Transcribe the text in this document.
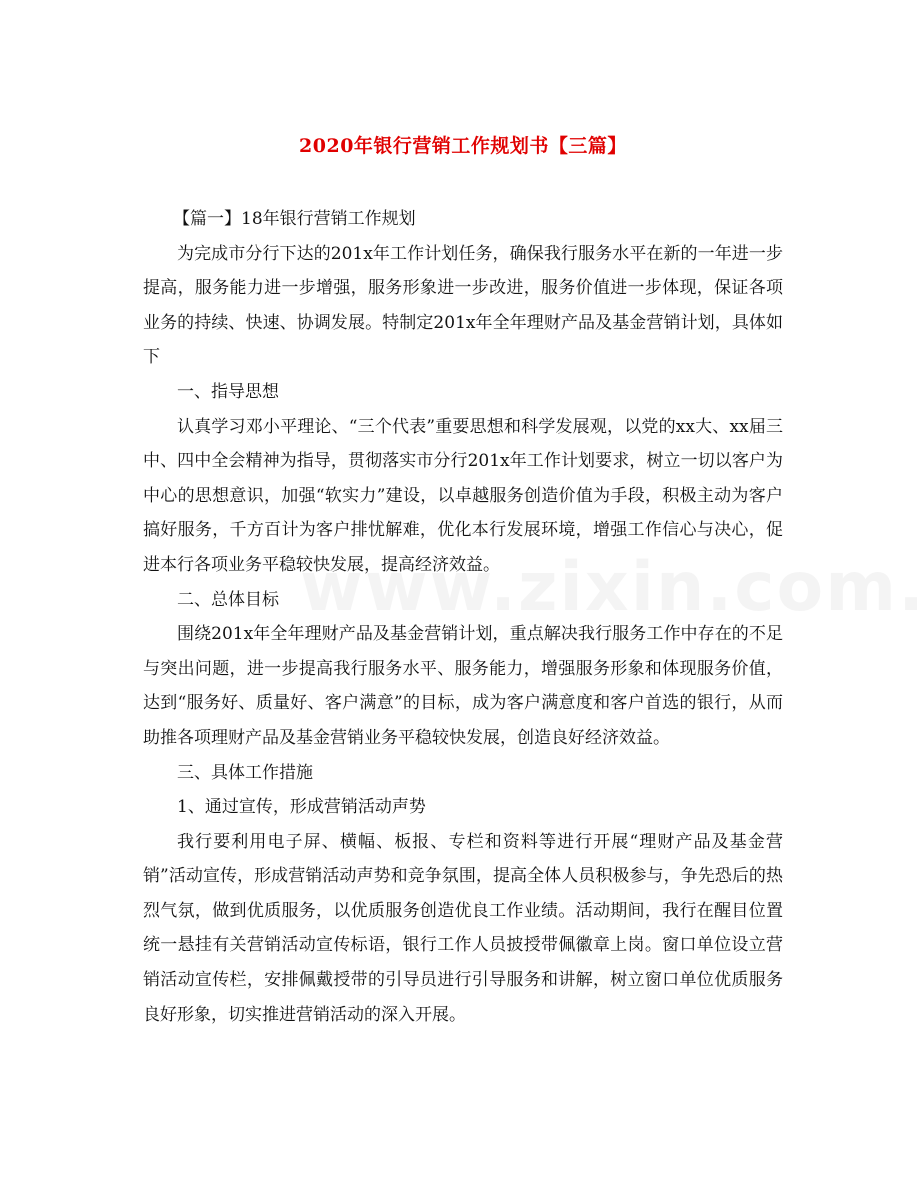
2020年银行营销工作规划书【三篇】

【篇一】18年银行营销工作规划

为完成市分行下达的201x年工作计划任务，确保我行服务水平在新的一年进一步提高，服务能力进一步增强，服务形象进一步改进，服务价值进一步体现，保证各项业务的持续、快速、协调发展。特制定201x年全年理财产品及基金营销计划，具体如下

一、指导思想

认真学习邓小平理论、“三个代表”重要思想和科学发展观，以党的xx大、xx届三中、四中全会精神为指导，贯彻落实市分行201x年工作计划要求，树立一切以客户为中心的思想意识，加强“软实力”建设，以卓越服务创造价值为手段，积极主动为客户搞好服务，千方百计为客户排忧解难，优化本行发展环境，增强工作信心与决心，促进本行各项业务平稳较快发展，提高经济效益。

二、总体目标

围绕201x年全年理财产品及基金营销计划，重点解决我行服务工作中存在的不足与突出问题，进一步提高我行服务水平、服务能力，增强服务形象和体现服务价值，达到“服务好、质量好、客户满意”的目标，成为客户满意度和客户首选的银行，从而助推各项理财产品及基金营销业务平稳较快发展，创造良好经济效益。

三、具体工作措施

1、通过宣传，形成营销活动声势

我行要利用电子屏、横幅、板报、专栏和资料等进行开展“理财产品及基金营销”活动宣传，形成营销活动声势和竞争氛围，提高全体人员积极参与，争先恐后的热烈气氛，做到优质服务，以优质服务创造优良工作业绩。活动期间，我行在醒目位置统一悬挂有关营销活动宣传标语，银行工作人员披授带佩徽章上岗。窗口单位设立营销活动宣传栏，安排佩戴授带的引导员进行引导服务和讲解，树立窗口单位优质服务良好形象，切实推进营销活动的深入开展。
